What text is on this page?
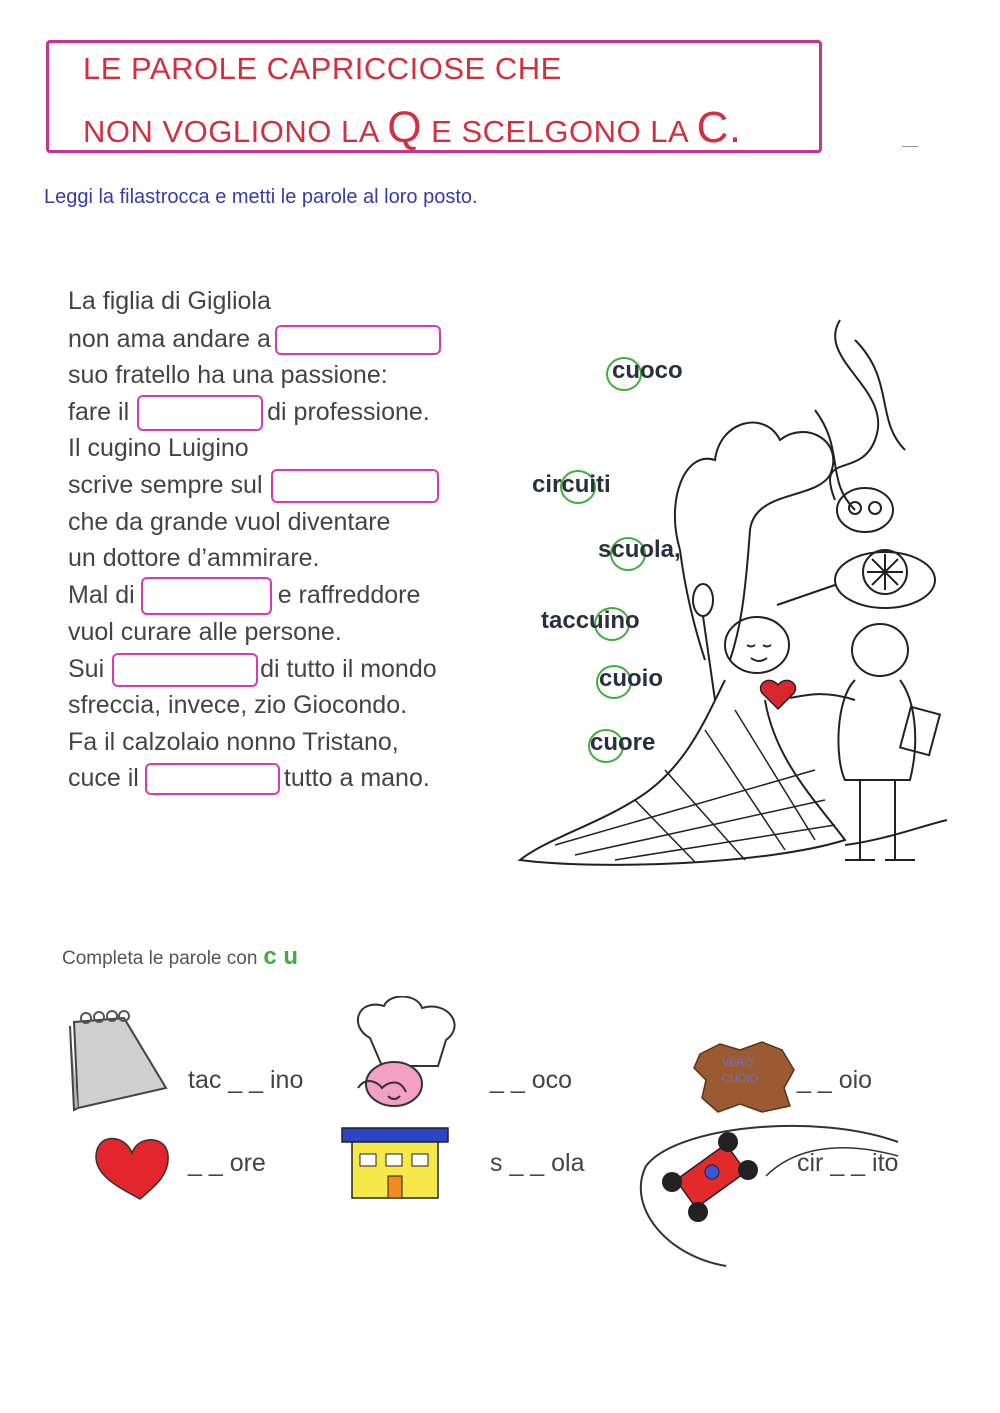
LE PAROLE CAPRICCIOSE CHE
NON VOGLIONO LA Q E SCELGONO LA C.
Leggi la filastrocca e metti le parole al loro posto.
La figlia di Gigliola
non ama andare a
suo fratello ha una passione:
fare il	di professione.
Il cugino Luigino
scrive sempre sul
che da grande vuol diventare
un dottore d’ammirare.
Mal di	e raffreddore
vuol curare alle persone.
Sui	di tutto il mondo
sfreccia, invece, zio Giocondo.
Fa il calzolaio nonno Tristano,
cuce il	tutto a mano.
cuoco
circuiti
scuola,
taccuino
cuoio
cuore
Completa le parole con c u
tac _ _ ino	_ _ oco
VERO
CUOIO _ _ oio
_ _ ore	s _ _ ola	cir _ _ ito
